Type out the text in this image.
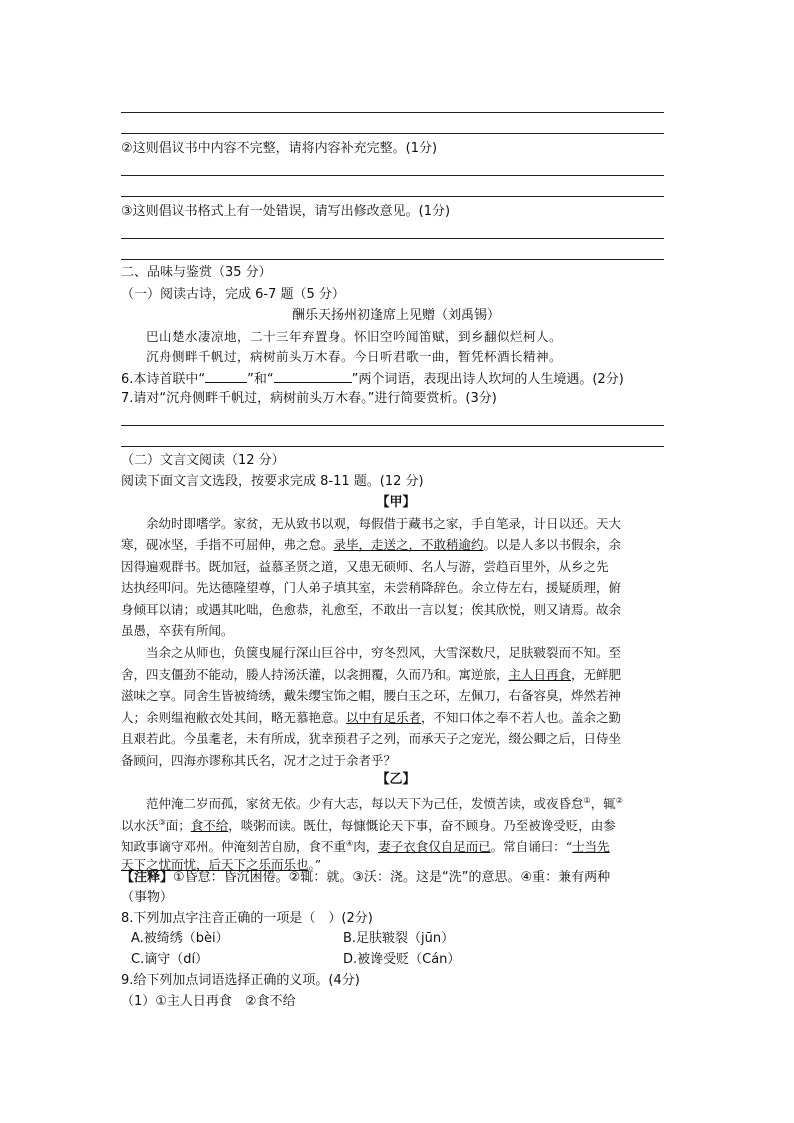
②这则倡议书中内容不完整，请将内容补充完整。(1分)
③这则倡议书格式上有一处错误，请写出修改意见。(1分)
二、品味与鉴赏（35 分）
（一）阅读古诗，完成 6-7 题（5 分）
酬乐天扬州初逢席上见赠（刘禹锡）
巴山楚水凄凉地，二十三年弃置身。怀旧空吟闻笛赋，到乡翻似烂柯人。
沉舟侧畔千帆过，病树前头万木春。今日听君歌一曲，暂凭杯酒长精神。
6.本诗首联中“	”和“	”两个词语，表现出诗人坎坷的人生境遇。(2分)
7.请对“沉舟侧畔千帆过，病树前头万木春。”进行简要赏析。(3分)
（二）文言文阅读（12 分）
阅读下面文言文选段，按要求完成 8-11 题。(12 分)
【甲】
余幼时即嗜学。家贫，无从致书以观，每假借于藏书之家，手自笔录，计日以还。天大
寒，砚冰坚，手指不可屈伸，弗之怠。录毕，走送之，不敢稍逾约。以是人多以书假余，余
因得遍观群书。既加冠，益慕圣贤之道，又患无硕师、名人与游，尝趋百里外，从乡之先
达执经叩问。先达德隆望尊，门人弟子填其室，未尝稍降辞色。余立侍左右，援疑质理，俯
身倾耳以请；或遇其叱咄，色愈恭，礼愈至，不敢出一言以复；俟其欣悦，则又请焉。故余
虽愚，卒获有所闻。
当余之从师也，负箧曳屣行深山巨谷中，穷冬烈风，大雪深数尺，足肤皲裂而不知。至
舍，四支僵劲不能动，媵人持汤沃灌，以衾拥覆，久而乃和。寓逆旅，主人日再食，无鲜肥
滋味之享。同舍生皆被绮绣，戴朱缨宝饰之帽，腰白玉之环，左佩刀，右备容臭，烨然若神
人；余则缊袍敝衣处其间，略无慕艳意。以中有足乐者，不知口体之奉不若人也。盖余之勤
且艰若此。今虽耄老，未有所成，犹幸预君子之列，而承天子之宠光，缀公卿之后，日侍坐
备顾问，四海亦谬称其氏名，况才之过于余者乎？
【乙】
范仲淹二岁而孤，家贫无依。少有大志，每以天下为己任，发愤苦读，或夜昏怠①，辄②
以水沃③面；食不给，啖粥而读。既仕，每慷慨论天下事，奋不顾身。乃至被谗受贬，由参
知政事谪守邓州。仲淹刻苦自励，食不重④肉，妻子衣食仅自足而已。常自诵曰：“士当先
天下之忧而忧，后天下之乐而乐也。”
【注释】①昏怠：昏沉困倦。②辄：就。③沃：浇。这是“洗”的意思。④重：兼有两种
（事物）
8.下列加点字注音正确的一项是（　）(2分)
A.被绮绣（bèi）	B.足肤皲裂（jūn）
C.谪守（dí）	D.被谗受贬（Cán）
9.给下列加点词语选择正确的义项。(4分)
（1）①主人日再食　②食不给
